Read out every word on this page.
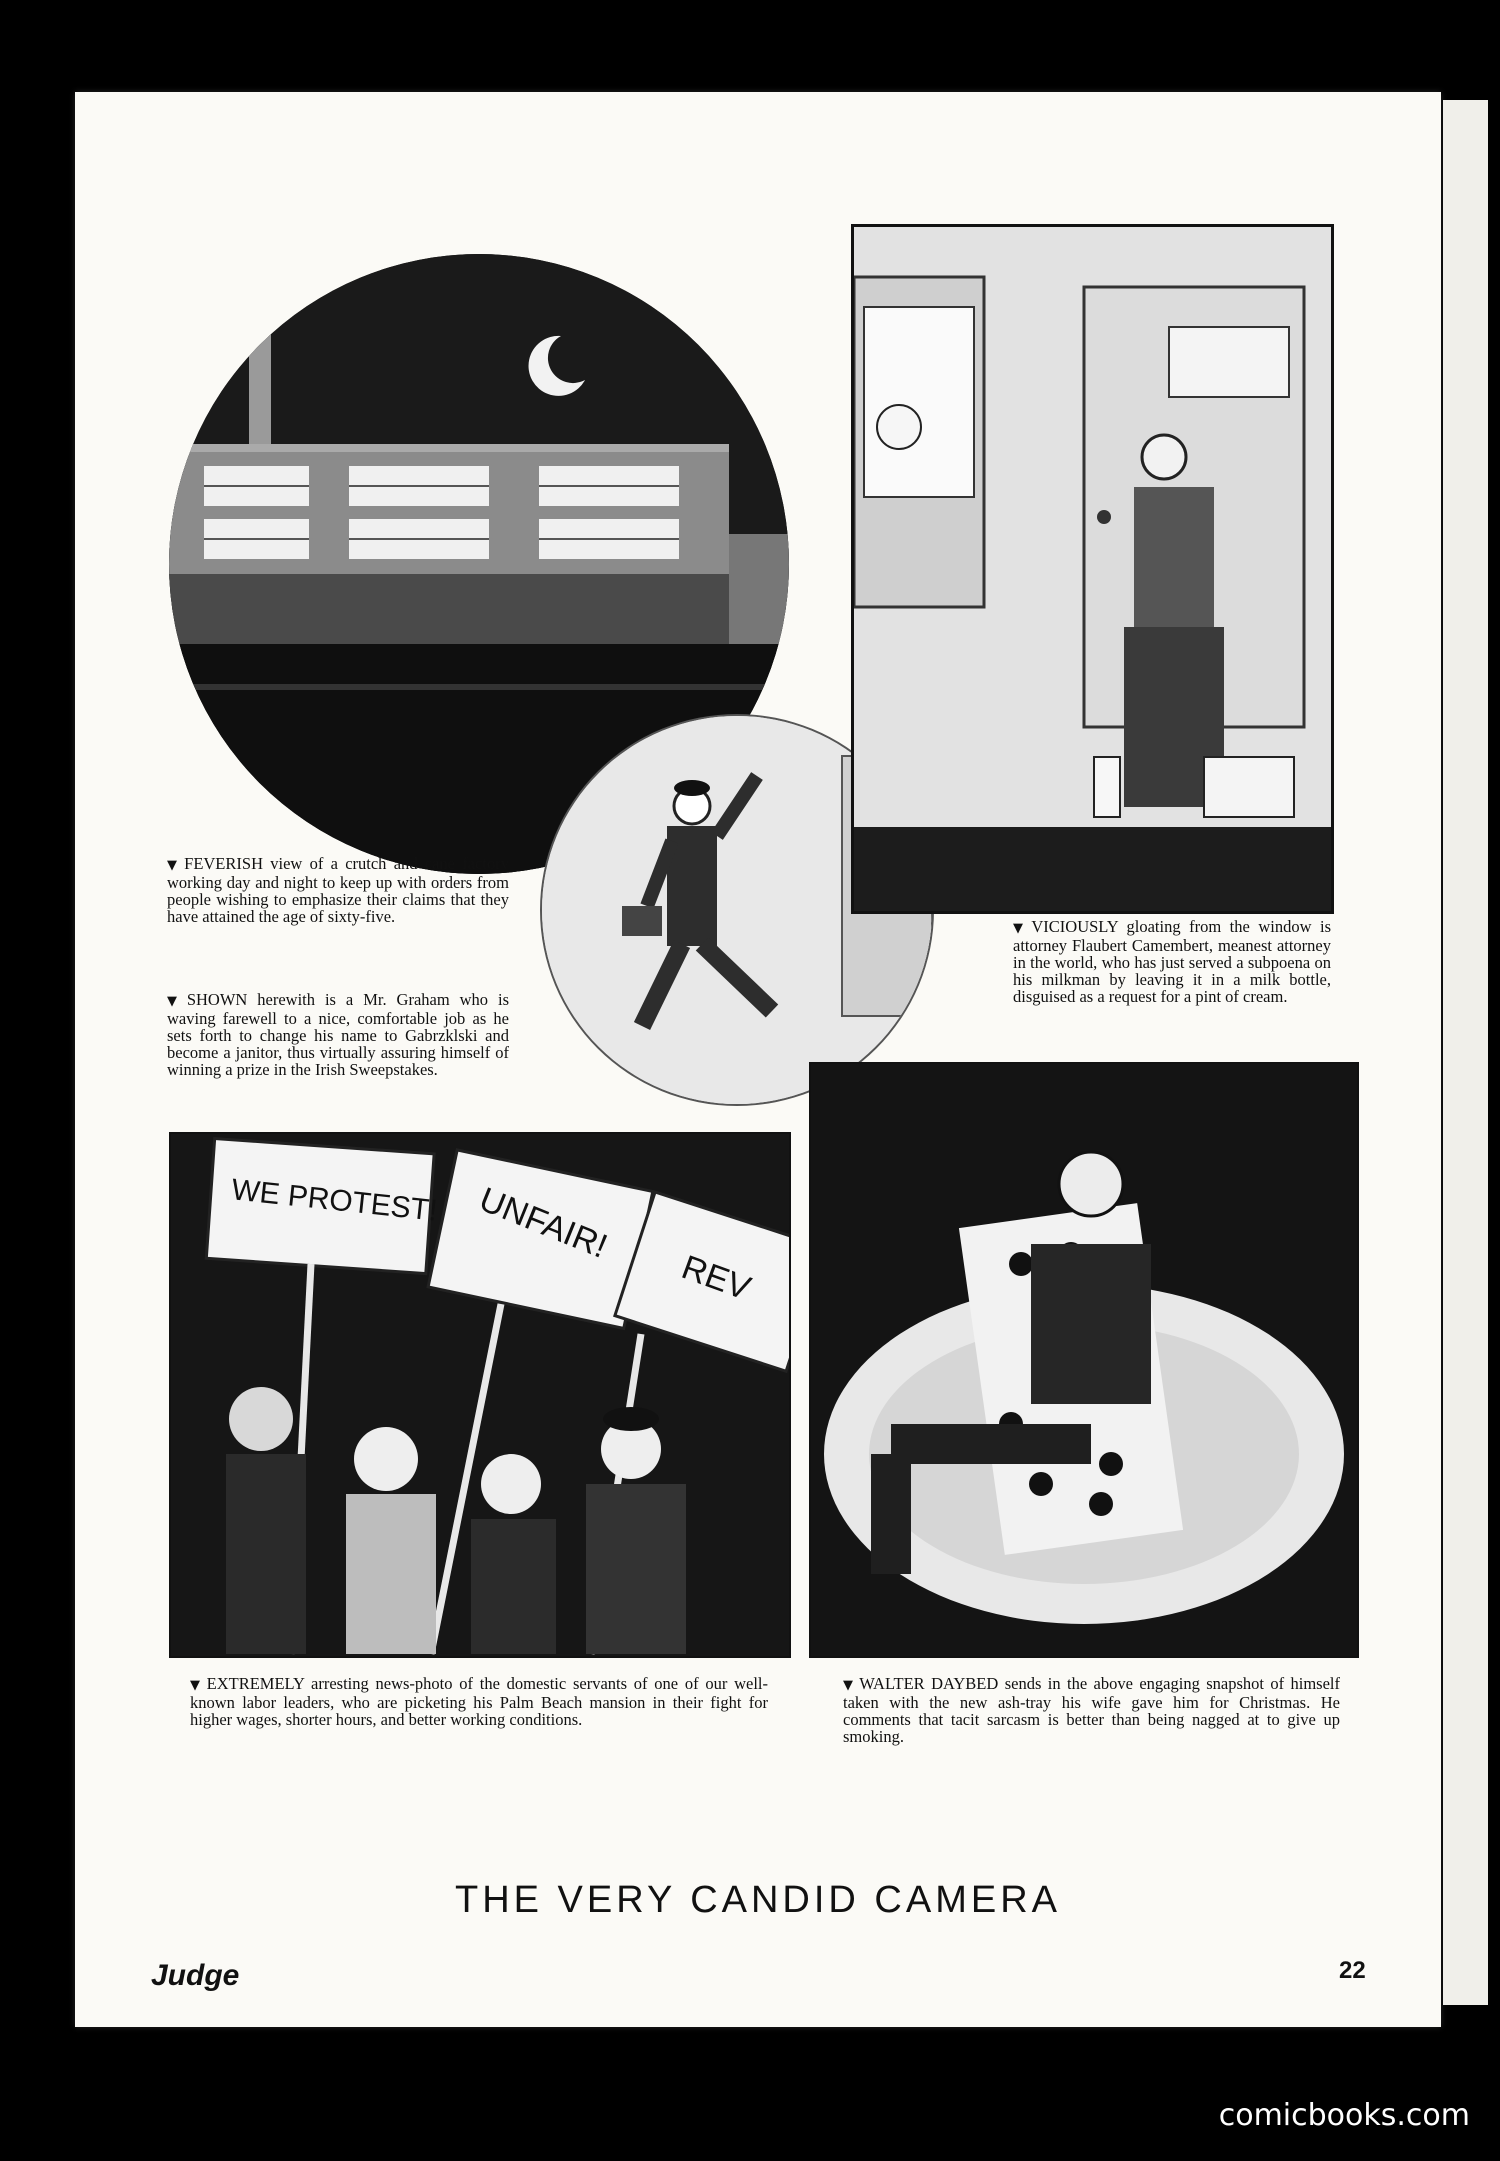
WE PROTEST! UNFAIR!
REV
▼ FEVERISH view of a crutch and cane factory working day and night to keep up with orders from people wishing to emphasize their claims that they have attained the age of sixty-five.
▼ SHOWN herewith is a Mr. Graham who is waving farewell to a nice, comfortable job as he sets forth to change his name to Gabrzklski and become a janitor, thus virtually assuring himself of winning a prize in the Irish Sweepstakes.
▼ VICIOUSLY gloating from the window is attorney Flaubert Camembert, meanest attorney in the world, who has just served a subpoena on his milkman by leaving it in a milk bottle, disguised as a request for a pint of cream.
▼ EXTREMELY arresting news-photo of the domestic servants of one of our well-known labor leaders, who are picketing his Palm Beach mansion in their fight for higher wages, shorter hours, and better working conditions.
▼ WALTER DAYBED sends in the above engaging snapshot of himself taken with the new ash-tray his wife gave him for Christmas. He comments that tacit sarcasm is better than being nagged at to give up smoking.
THE VERY CANDID CAMERA
Judge	22
comicbooks.com
